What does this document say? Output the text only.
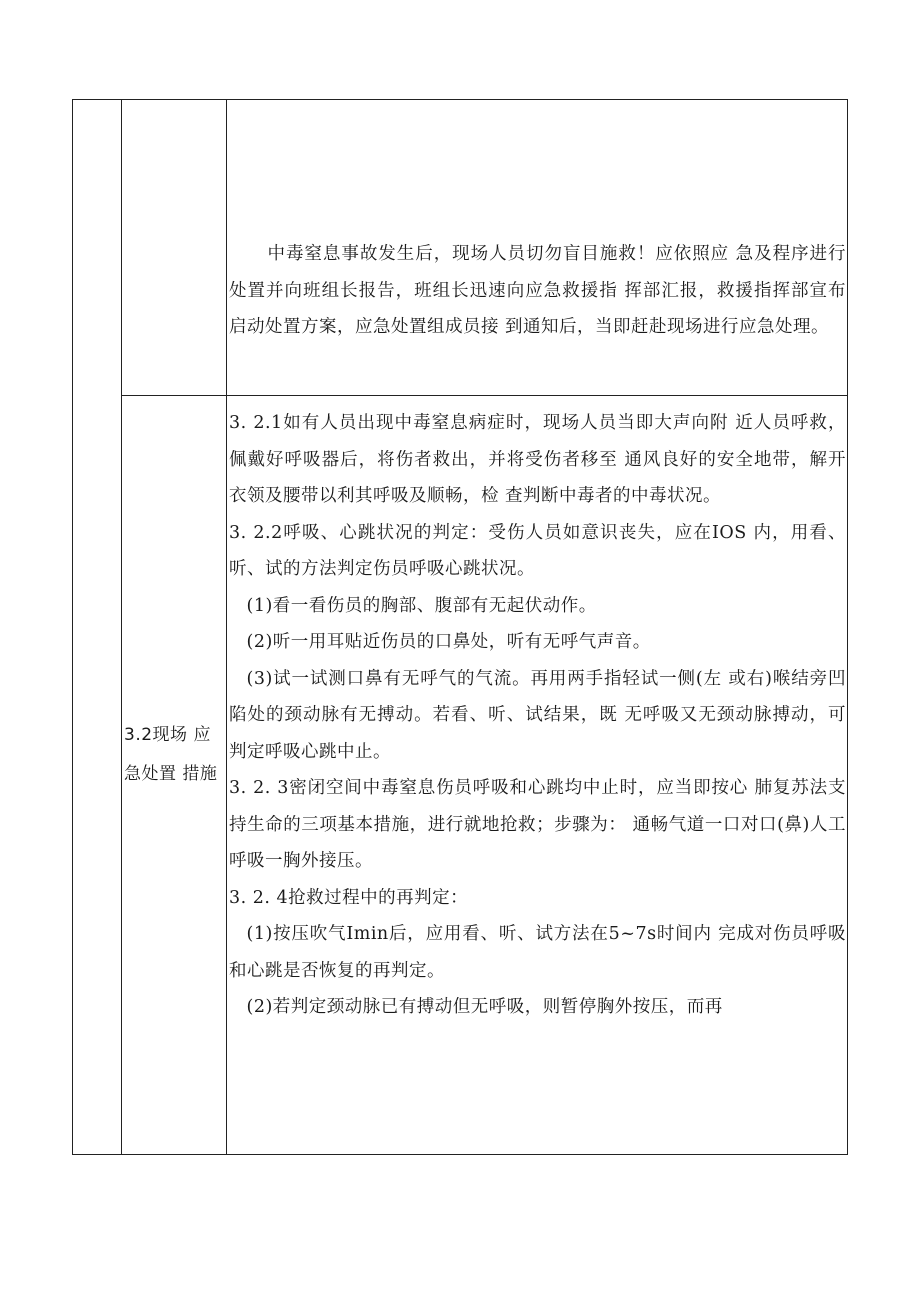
中毒窒息事故发生后，现场人员切勿盲目施救！应依照应 急及程序进行处置并向班组长报告，班组长迅速向应急救援指 挥部汇报，救援指挥部宣布启动处置方案，应急处置组成员接 到通知后，当即赶赴现场进行应急处理。

3.2现场 应急处置 措施

3. 2.1如有人员出现中毒窒息病症时，现场人员当即大声向附 近人员呼救，佩戴好呼吸器后，将伤者救出，并将受伤者移至 通风良好的安全地带，解开衣领及腰带以利其呼吸及顺畅，检 查判断中毒者的中毒状况。

3. 2.2呼吸、心跳状况的判定：受伤人员如意识丧失，应在IOS 内，用看、听、试的方法判定伤员呼吸心跳状况。

(1)看一看伤员的胸部、腹部有无起伏动作。

(2)听一用耳贴近伤员的口鼻处，听有无呼气声音。

(3)试一试测口鼻有无呼气的气流。再用两手指轻试一侧(左 或右)喉结旁凹陷处的颈动脉有无搏动。若看、听、试结果，既 无呼吸又无颈动脉搏动，可判定呼吸心跳中止。

3. 2. 3密闭空间中毒窒息伤员呼吸和心跳均中止时，应当即按心 肺复苏法支持生命的三项基本措施，进行就地抢救；步骤为： 通畅气道一口对口(鼻)人工呼吸一胸外接压。

3. 2. 4抢救过程中的再判定：

(1)按压吹气Imin后，应用看、听、试方法在5~7s时间内 完成对伤员呼吸和心跳是否恢复的再判定。

(2)若判定颈动脉已有搏动但无呼吸，则暂停胸外按压，而再
